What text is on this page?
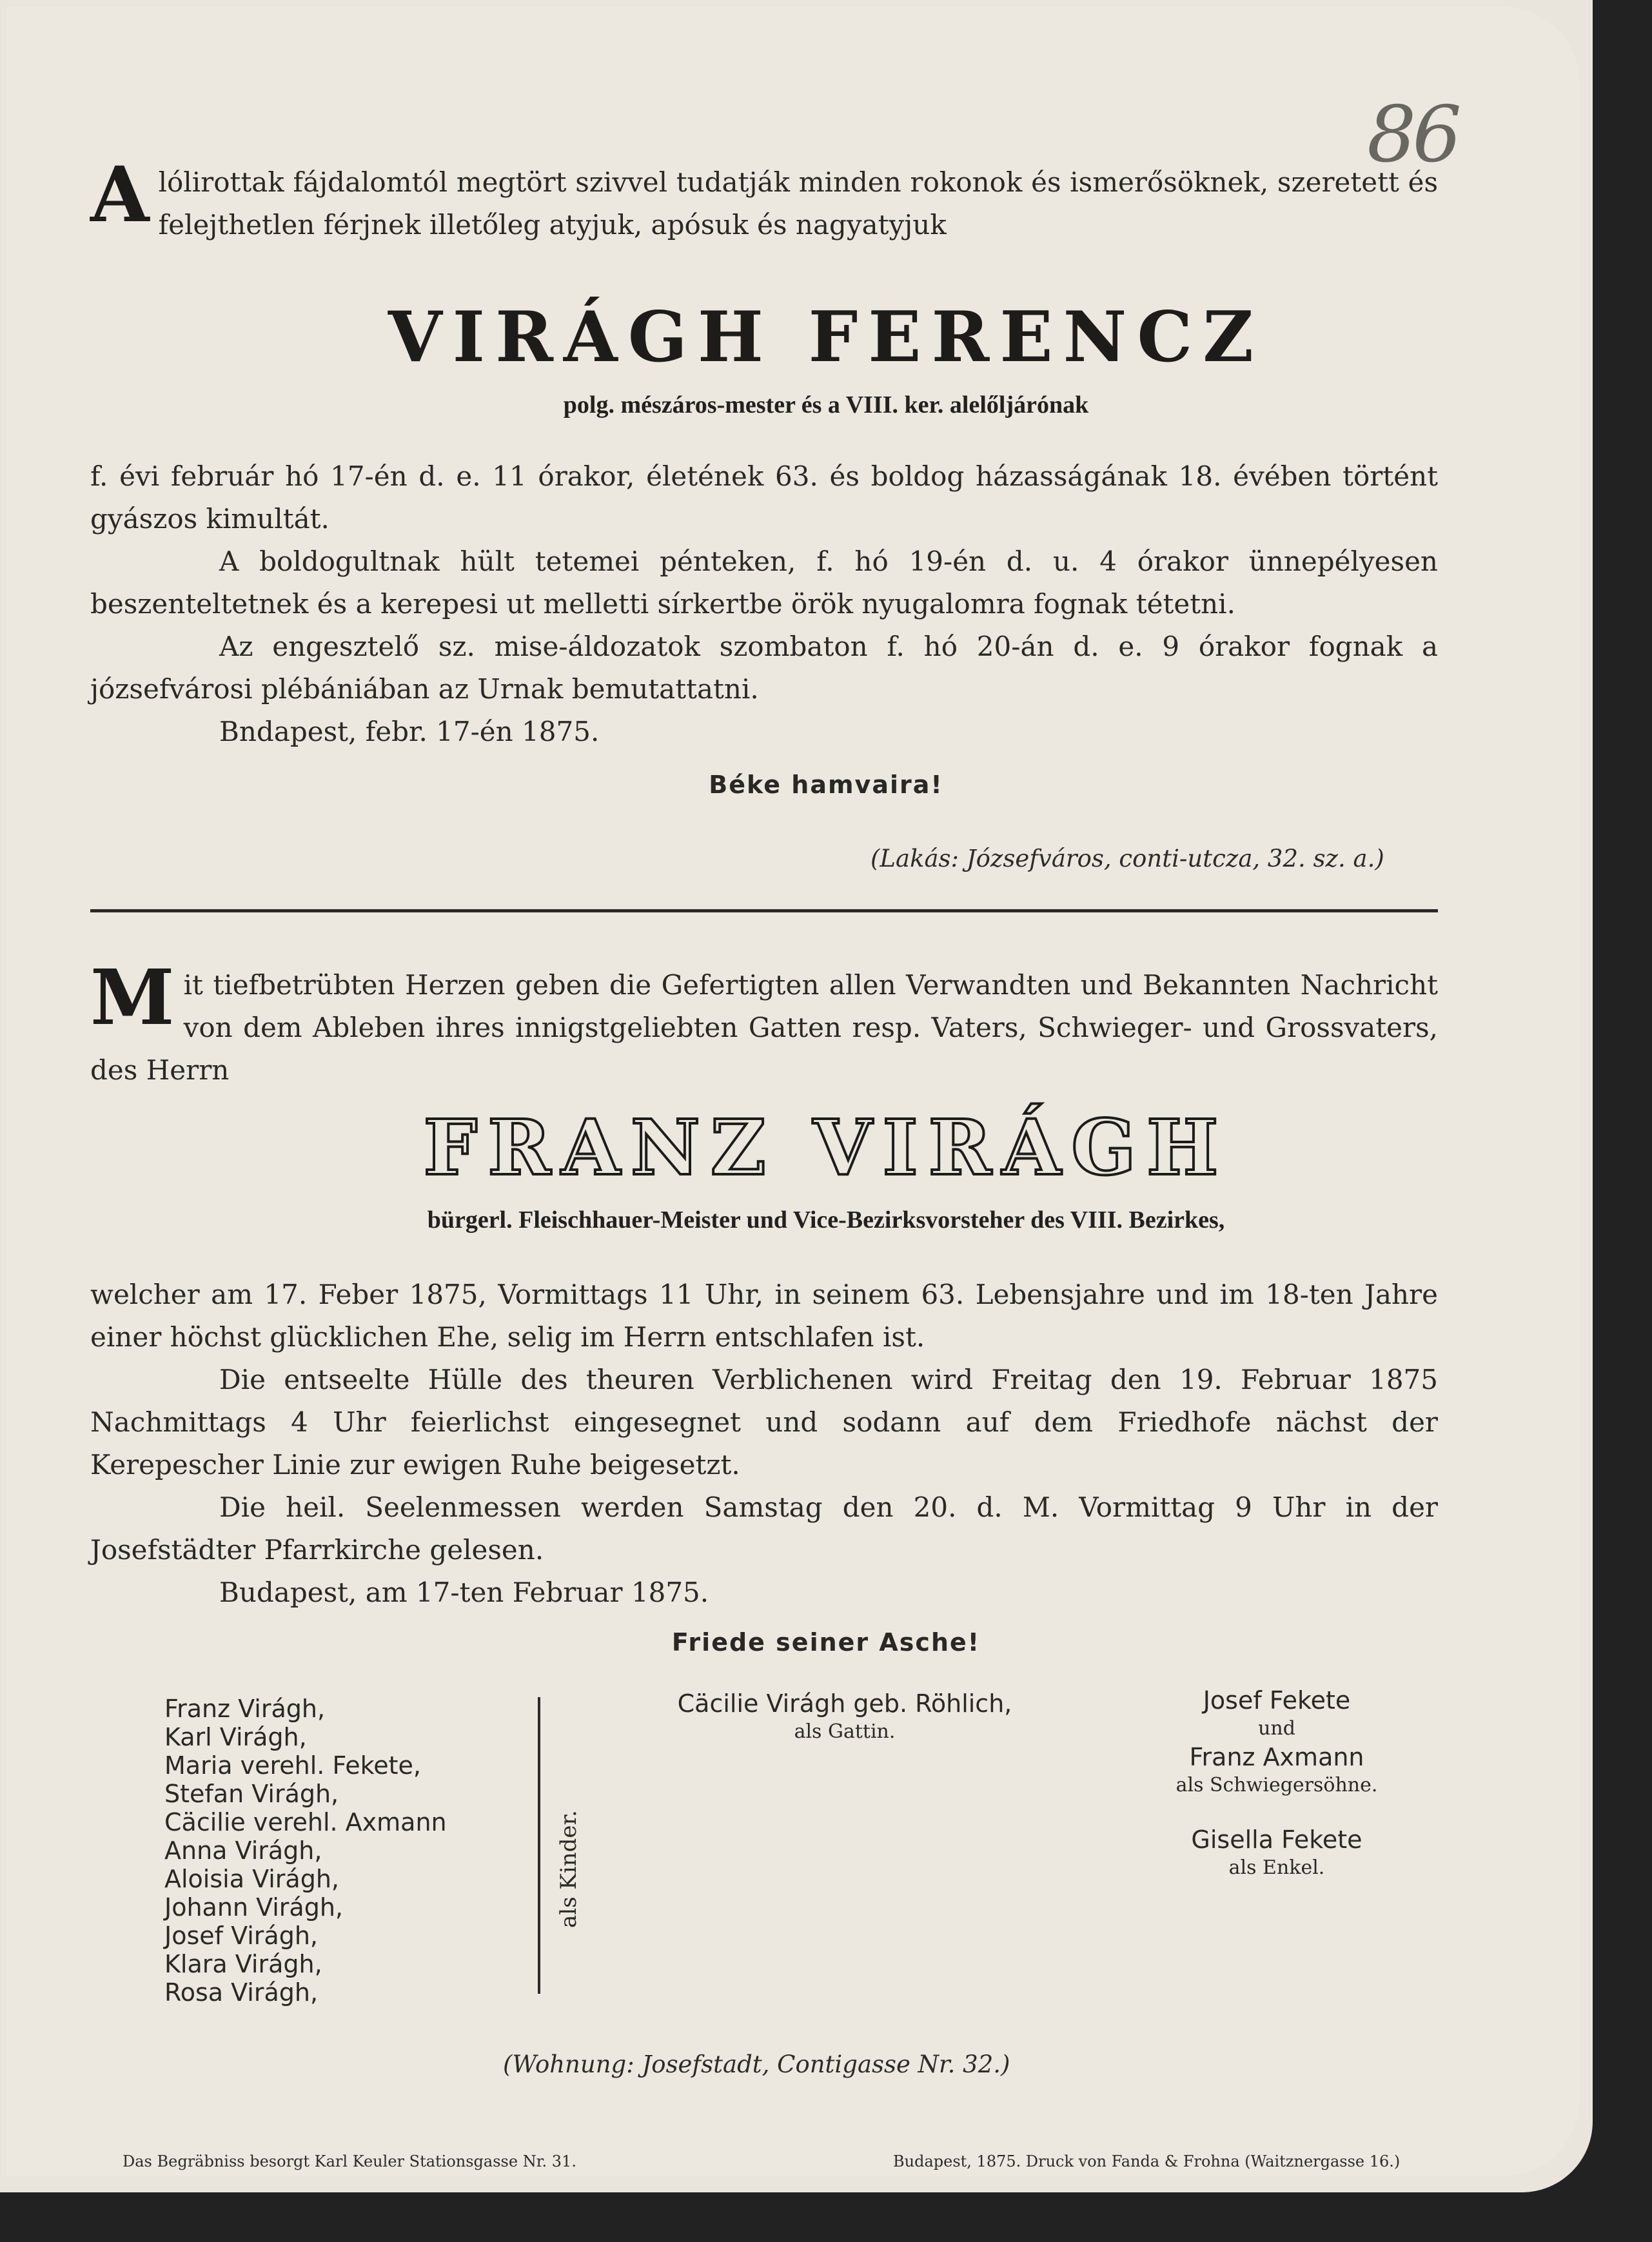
86

A lólirottak fájdalomtól megtört szivvel tudatják minden rokonok és ismerősöknek, szeretett és felejthetlen férjnek illetőleg atyjuk, apósuk és nagyatyjuk

VIRÁGH FERENCZ
polg. mészáros-mester és a VIII. ker. alelőljárónak

f. évi február hó 17-én d. e. 11 órakor, életének 63. és boldog házasságának 18. évében történt gyászos kimultát.

A boldogultnak hült tetemei pénteken, f. hó 19-én d. u. 4 órakor ünnepélyesen beszenteltetnek és a kerepesi ut melletti sírkertbe örök nyugalomra fognak tétetni.

Az engesztelő sz. mise-áldozatok szombaton f. hó 20-án d. e. 9 órakor fognak a józsefvárosi plébániában az Urnak bemutattatni.

Bndapest, febr. 17-én 1875.

Béke hamvaira!
(Lakás: Józsefváros, conti-utcza, 32. sz. a.)

M it tiefbetrübten Herzen geben die Gefertigten allen Verwandten und Bekannten Nachricht von dem Ableben ihres innigstgeliebten Gatten resp. Vaters, Schwieger- und Grossvaters, des Herrn

FRANZ VIRÁGH
bürgerl. Fleischhauer-Meister und Vice-Bezirksvorsteher des VIII. Bezirkes,

welcher am 17. Feber 1875, Vormittags 11 Uhr, in seinem 63. Lebensjahre und im 18-ten Jahre einer höchst glücklichen Ehe, selig im Herrn entschlafen ist.

Die entseelte Hülle des theuren Verblichenen wird Freitag den 19. Februar 1875 Nachmittags 4 Uhr feierlichst eingesegnet und sodann auf dem Friedhofe nächst der Kerepescher Linie zur ewigen Ruhe beigesetzt.

Die heil. Seelenmessen werden Samstag den 20. d. M. Vormittag 9 Uhr in der Josefstädter Pfarrkirche gelesen.

Budapest, am 17-ten Februar 1875.

Friede seiner Asche!
Franz Virágh,
Karl Virágh,
Maria verehl. Fekete,
Stefan Virágh,
Cäcilie verehl. Axmann
Anna Virágh,
Aloisia Virágh,
Johann Virágh,
Josef Virágh,
Klara Virágh,
Rosa Virágh,
als Kinder.
Cäcilie Virágh geb. Röhlich,
als Gattin.
Josef Fekete
und
Franz Axmann
als Schwiegersöhne.
Gisella Fekete
als Enkel.
(Wohnung: Josefstadt, Contigasse Nr. 32.)
Das Begräbniss besorgt Karl Keuler Stationsgasse Nr. 31.	Budapest, 1875. Druck von Fanda & Frohna (Waitznergasse 16.)
